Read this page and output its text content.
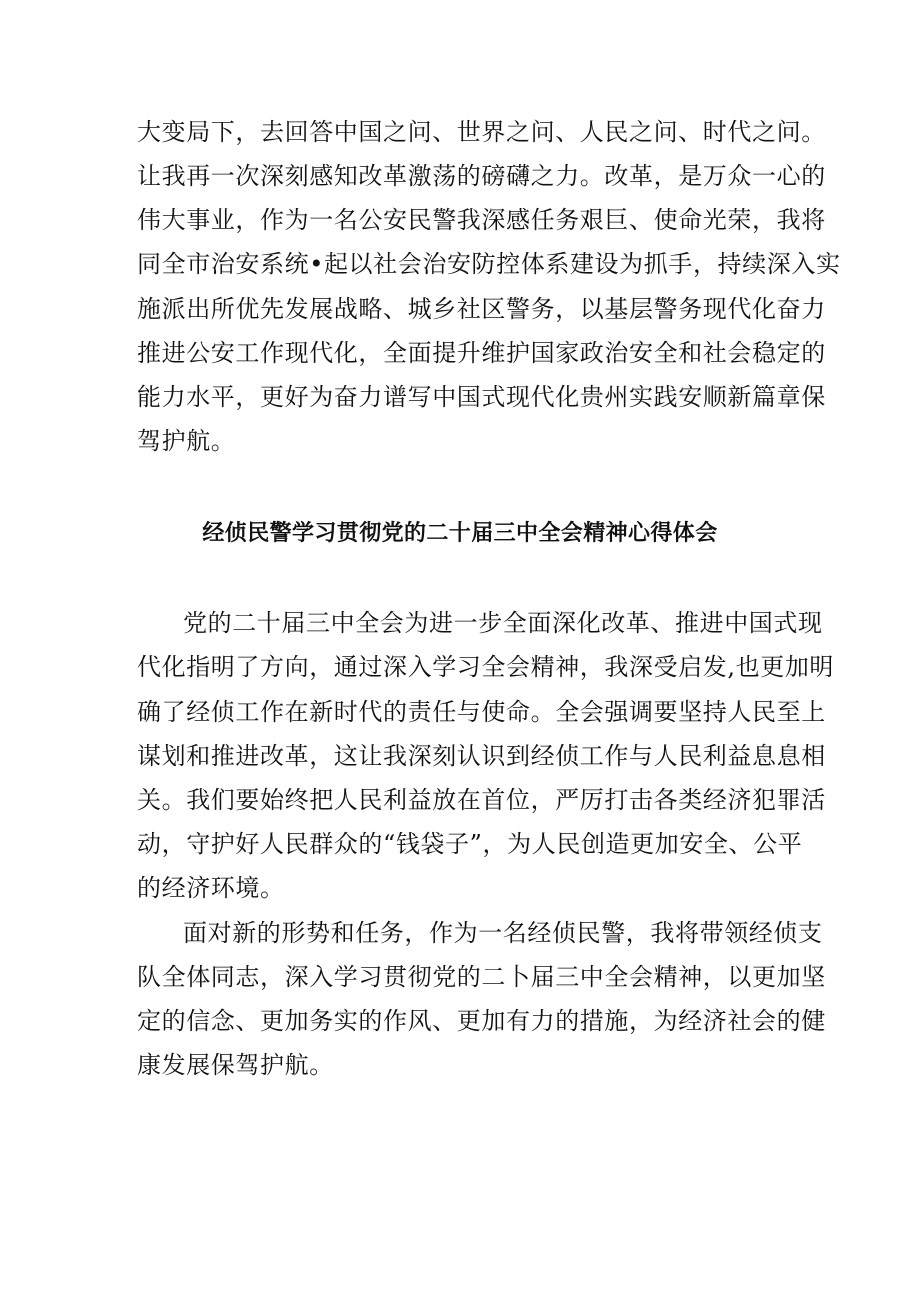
大变局下，去回答中国之问、世界之问、人民之问、时代之问。
让我再一次深刻感知改革激荡的磅礴之力。改革，是万众一心的
伟大事业，作为一名公安民警我深感任务艰巨、使命光荣，我将
同全市治安系统•起以社会治安防控体系建设为抓手，持续深入实
施派出所优先发展战略、城乡社区警务，以基层警务现代化奋力
推进公安工作现代化，全面提升维护国家政治安全和社会稳定的
能力水平，更好为奋力谱写中国式现代化贵州实践安顺新篇章保
驾护航。
经侦民警学习贯彻党的二十届三中全会精神心得体会
党的二十届三中全会为进一步全面深化改革、推进中国式现
代化指明了方向，通过深入学习全会精神，我深受启发,也更加明
确了经侦工作在新时代的责任与使命。全会强调要坚持人民至上
谋划和推进改革，这让我深刻认识到经侦工作与人民利益息息相
关。我们要始终把人民利益放在首位，严厉打击各类经济犯罪活
动，守护好人民群众的“钱袋子”，为人民创造更加安全、公平
的经济环境。
面对新的形势和任务，作为一名经侦民警，我将带领经侦支
队全体同志，深入学习贯彻党的二卜届三中全会精神，以更加坚
定的信念、更加务实的作风、更加有力的措施，为经济社会的健
康发展保驾护航。
